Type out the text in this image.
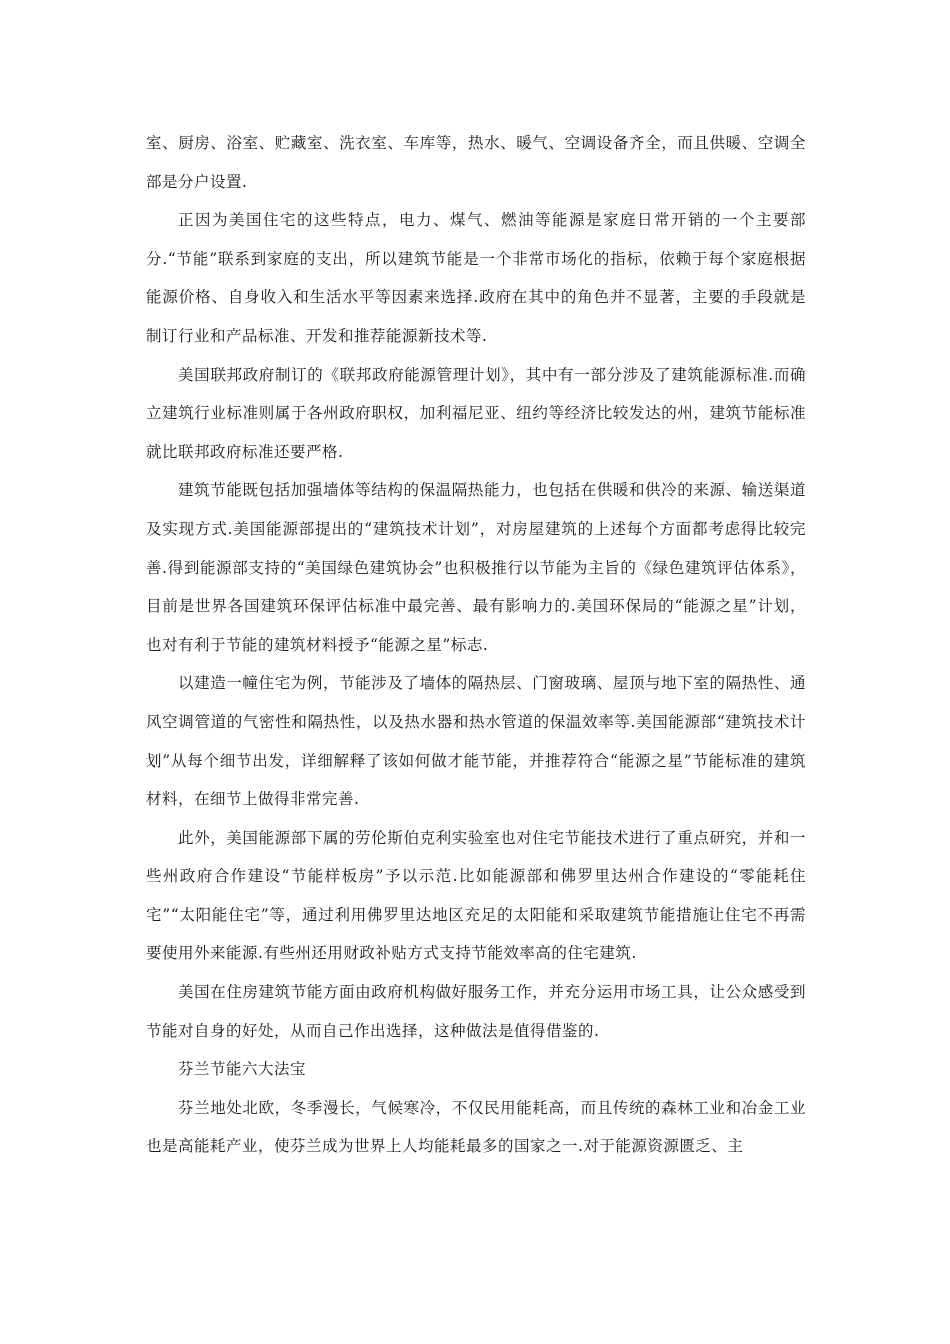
室、厨房、浴室、贮藏室、洗衣室、车库等，热水、暖气、空调设备齐全，而且供暖、空调全部是分户设置.

正因为美国住宅的这些特点，电力、煤气、燃油等能源是家庭日常开销的一个主要部分.“节能”联系到家庭的支出，所以建筑节能是一个非常市场化的指标，依赖于每个家庭根据能源价格、自身收入和生活水平等因素来选择.政府在其中的角色并不显著，主要的手段就是制订行业和产品标准、开发和推荐能源新技术等.

美国联邦政府制订的《联邦政府能源管理计划》，其中有一部分涉及了建筑能源标准.而确立建筑行业标准则属于各州政府职权，加利福尼亚、纽约等经济比较发达的州，建筑节能标准就比联邦政府标准还要严格.

建筑节能既包括加强墙体等结构的保温隔热能力，也包括在供暖和供冷的来源、输送渠道及实现方式.美国能源部提出的“建筑技术计划”，对房屋建筑的上述每个方面都考虑得比较完善.得到能源部支持的“美国绿色建筑协会”也积极推行以节能为主旨的《绿色建筑评估体系》，目前是世界各国建筑环保评估标准中最完善、最有影响力的.美国环保局的“能源之星”计划，也对有利于节能的建筑材料授予“能源之星”标志.

以建造一幢住宅为例，节能涉及了墙体的隔热层、门窗玻璃、屋顶与地下室的隔热性、通风空调管道的气密性和隔热性，以及热水器和热水管道的保温效率等.美国能源部“建筑技术计划”从每个细节出发，详细解释了该如何做才能节能，并推荐符合“能源之星”节能标准的建筑材料，在细节上做得非常完善.

此外，美国能源部下属的劳伦斯伯克利实验室也对住宅节能技术进行了重点研究，并和一些州政府合作建设“节能样板房”予以示范.比如能源部和佛罗里达州合作建设的“零能耗住宅”“太阳能住宅”等，通过利用佛罗里达地区充足的太阳能和采取建筑节能措施让住宅不再需要使用外来能源.有些州还用财政补贴方式支持节能效率高的住宅建筑.

美国在住房建筑节能方面由政府机构做好服务工作，并充分运用市场工具，让公众感受到节能对自身的好处，从而自己作出选择，这种做法是值得借鉴的.

芬兰节能六大法宝

芬兰地处北欧，冬季漫长，气候寒冷，不仅民用能耗高，而且传统的森林工业和冶金工业也是高能耗产业，使芬兰成为世界上人均能耗最多的国家之一.对于能源资源匮乏、主
